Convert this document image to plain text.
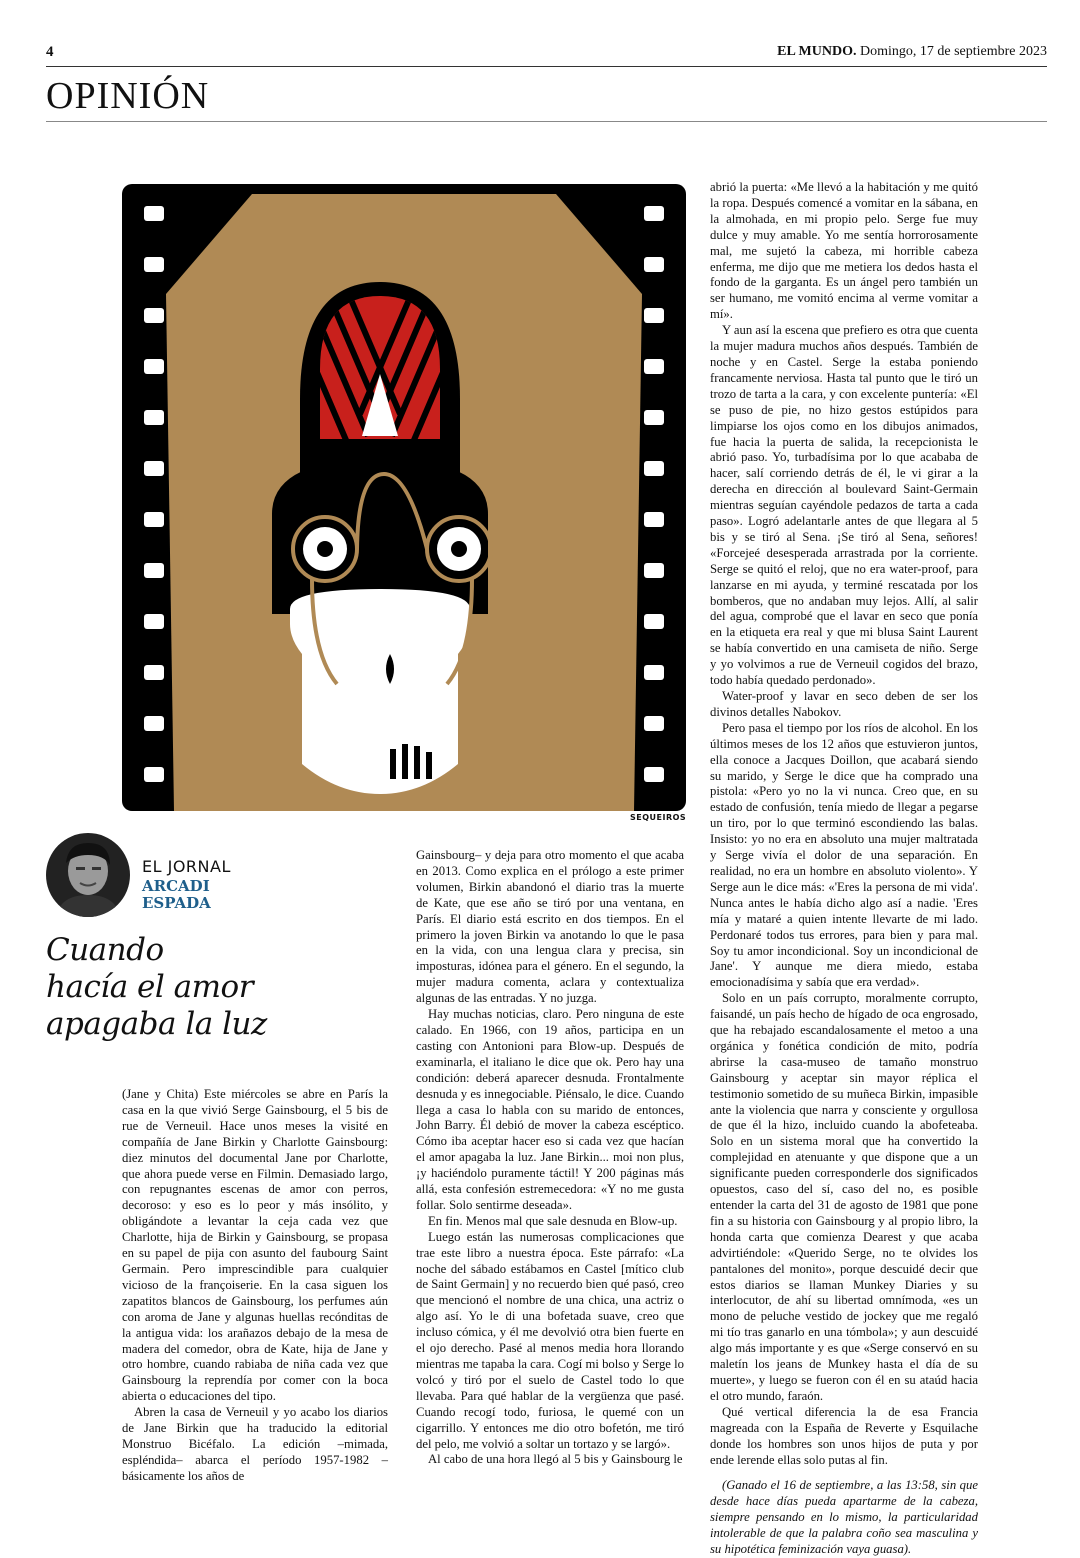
4	EL MUNDO. Domingo, 17 de septiembre 2023
OPINIÓN
SEQUEIROS
EL JORNAL
ARCADI
ESPADA
Cuando
hacía el amor
apagaba la luz

(Jane y Chita) Este miércoles se abre en París la casa en la que vivió Serge Gainsbourg, el 5 bis de rue de Verneuil. Hace unos meses la visité en compañía de Jane Birkin y Charlotte Gainsbourg: diez minutos del documental Jane por Charlotte, que ahora puede verse en Filmin. Demasiado largo, con repugnantes escenas de amor con perros, decoroso: y eso es lo peor y más insólito, y obligándote a levantar la ceja cada vez que Charlotte, hija de Birkin y Gainsbourg, se propasa en su papel de pija con asunto del faubourg Saint Germain. Pero imprescindible para cualquier vicioso de la françoiserie. En la casa siguen los zapatitos blancos de Gainsbourg, los perfumes aún con aroma de Jane y algunas huellas recónditas de la antigua vida: los arañazos debajo de la mesa de madera del comedor, obra de Kate, hija de Jane y otro hombre, cuando rabiaba de niña cada vez que Gainsbourg la reprendía por comer con la boca abierta o educaciones del tipo.

Abren la casa de Verneuil y yo acabo los diarios de Jane Birkin que ha traducido la editorial Monstruo Bicéfalo. La edición –mimada, espléndida– abarca el período 1957-1982 –básicamente los años de

Gainsbourg– y deja para otro momento el que acaba en 2013. Como explica en el prólogo a este primer volumen, Birkin abandonó el diario tras la muerte de Kate, que ese año se tiró por una ventana, en París. El diario está escrito en dos tiempos. En el primero la joven Birkin va anotando lo que le pasa en la vida, con una lengua clara y precisa, sin imposturas, idónea para el género. En el segundo, la mujer madura comenta, aclara y contextualiza algunas de las entradas. Y no juzga.

Hay muchas noticias, claro. Pero ninguna de este calado. En 1966, con 19 años, participa en un casting con Antonioni para Blow-up. Después de examinarla, el italiano le dice que ok. Pero hay una condición: deberá aparecer desnuda. Frontalmente desnuda y es innegociable. Piénsalo, le dice. Cuando llega a casa lo habla con su marido de entonces, John Barry. Él debió de mover la cabeza escéptico. Cómo iba aceptar hacer eso si cada vez que hacían el amor apagaba la luz. Jane Birkin... moi non plus, ¡y haciéndolo puramente táctil! Y 200 páginas más allá, esta confesión estremecedora: «Y no me gusta follar. Solo sentirme deseada».

En fin. Menos mal que sale desnuda en Blow-up.

Luego están las numerosas complicaciones que trae este libro a nuestra época. Este párrafo: «La noche del sábado estábamos en Castel [mítico club de Saint Germain] y no recuerdo bien qué pasó, creo que mencionó el nombre de una chica, una actriz o algo así. Yo le di una bofetada suave, creo que incluso cómica, y él me devolvió otra bien fuerte en el ojo derecho. Pasé al menos media hora llorando mientras me tapaba la cara. Cogí mi bolso y Serge lo volcó y tiró por el suelo de Castel todo lo que llevaba. Para qué hablar de la vergüenza que pasé. Cuando recogí todo, furiosa, le quemé con un cigarrillo. Y entonces me dio otro bofetón, me tiró del pelo, me volvió a soltar un tortazo y se largó».

Al cabo de una hora llegó al 5 bis y Gainsbourg le

abrió la puerta: «Me llevó a la habitación y me quitó la ropa. Después comencé a vomitar en la sábana, en la almohada, en mi propio pelo. Serge fue muy dulce y muy amable. Yo me sentía horrorosamente mal, me sujetó la cabeza, mi horrible cabeza enferma, me dijo que me metiera los dedos hasta el fondo de la garganta. Es un ángel pero también un ser humano, me vomitó encima al verme vomitar a mí».

Y aun así la escena que prefiero es otra que cuenta la mujer madura muchos años después. También de noche y en Castel. Serge la estaba poniendo francamente nerviosa. Hasta tal punto que le tiró un trozo de tarta a la cara, y con excelente puntería: «El se puso de pie, no hizo gestos estúpidos para limpiarse los ojos como en los dibujos animados, fue hacia la puerta de salida, la recepcionista le abrió paso. Yo, turbadísima por lo que acababa de hacer, salí corriendo detrás de él, le vi girar a la derecha en dirección al boulevard Saint-Germain mientras seguían cayéndole pedazos de tarta a cada paso». Logró adelantarle antes de que llegara al 5 bis y se tiró al Sena. ¡Se tiró al Sena, señores! «Forcejeé desesperada arrastrada por la corriente. Serge se quitó el reloj, que no era water-proof, para lanzarse en mi ayuda, y terminé rescatada por los bomberos, que no andaban muy lejos. Allí, al salir del agua, comprobé que el lavar en seco que ponía en la etiqueta era real y que mi blusa Saint Laurent se había convertido en una camiseta de niño. Serge y yo volvimos a rue de Verneuil cogidos del brazo, todo había quedado perdonado».

Water-proof y lavar en seco deben de ser los divinos detalles Nabokov.

Pero pasa el tiempo por los ríos de alcohol. En los últimos meses de los 12 años que estuvieron juntos, ella conoce a Jacques Doillon, que acabará siendo su marido, y Serge le dice que ha comprado una pistola: «Pero yo no la vi nunca. Creo que, en su estado de confusión, tenía miedo de llegar a pegarse un tiro, por lo que terminó escondiendo las balas. Insisto: yo no era en absoluto una mujer maltratada y Serge vivía el dolor de una separación. En realidad, no era un hombre en absoluto violento». Y Serge aun le dice más: «'Eres la persona de mi vida'. Nunca antes le había dicho algo así a nadie. 'Eres mía y mataré a quien intente llevarte de mi lado. Perdonaré todos tus errores, para bien y para mal. Soy tu amor incondicional. Soy un incondicional de Jane'. Y aunque me diera miedo, estaba emocionadísima y sabía que era verdad».

Solo en un país corrupto, moralmente corrupto, faisandé, un país hecho de hígado de oca engrosado, que ha rebajado escandalosamente el metoo a una orgánica y fonética condición de mito, podría abrirse la casa-museo de tamaño monstruo Gainsbourg y aceptar sin mayor réplica el testimonio sometido de su muñeca Birkin, impasible ante la violencia que narra y consciente y orgullosa de que él la hizo, incluido cuando la abofeteaba. Solo en un sistema moral que ha convertido la complejidad en atenuante y que dispone que a un significante pueden corresponderle dos significados opuestos, caso del sí, caso del no, es posible entender la carta del 31 de agosto de 1981 que pone fin a su historia con Gainsbourg y al propio libro, la honda carta que comienza Dearest y que acaba advirtiéndole: «Querido Serge, no te olvides los pantalones del monito», porque descuidé decir que estos diarios se llaman Munkey Diaries y su interlocutor, de ahí su libertad omnímoda, «es un mono de peluche vestido de jockey que me regaló mi tío tras ganarlo en una tómbola»; y aun descuidé algo más importante y es que «Serge conservó en su maletín los jeans de Munkey hasta el día de su muerte», y luego se fueron con él en su ataúd hacia el otro mundo, faraón.

Qué vertical diferencia la de esa Francia magreada con la España de Reverte y Esquilache donde los hombres son unos hijos de puta y por ende lerende ellas solo putas al fin.

(Ganado el 16 de septiembre, a las 13:58, sin que desde hace días pueda apartarme de la cabeza, siempre pensando en lo mismo, la particularidad intolerable de que la palabra coño sea masculina y su hipotética feminización vaya guasa).
